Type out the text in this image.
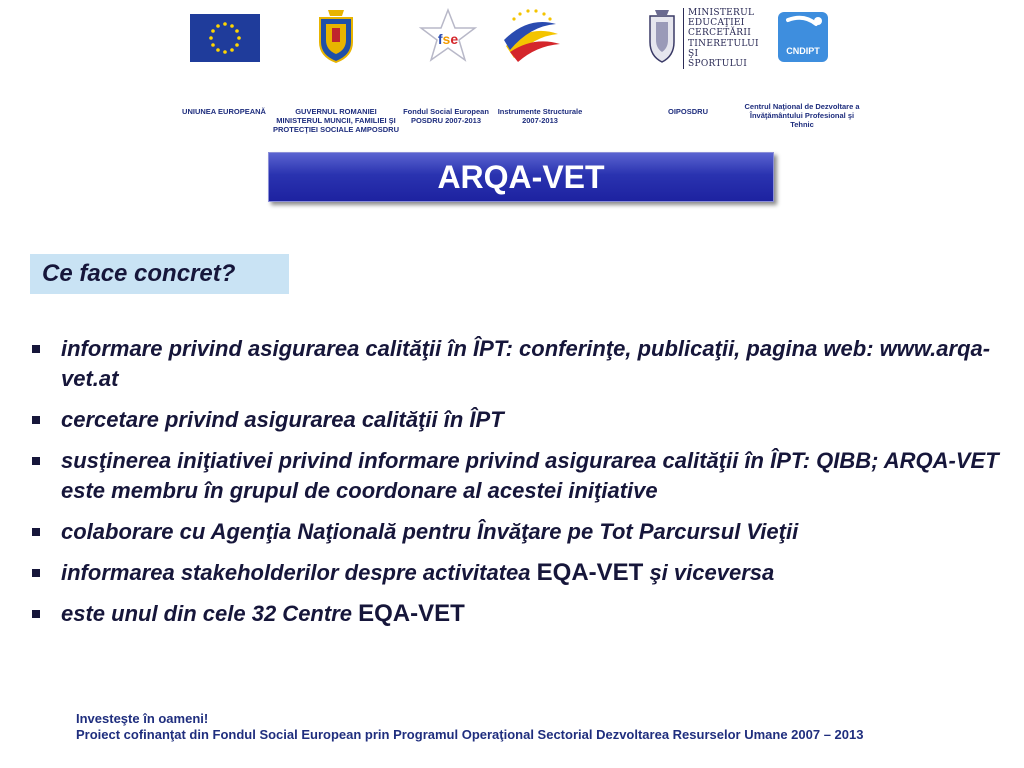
fse
MINISTERUL
EDUCAŢIEI
CERCETĂRII
TINERETULUI
ŞI SPORTULUI
CNDIPT
UNIUNEA EUROPEANĂ	GUVERNUL ROMANIEI MINISTERUL MUNCII, FAMILIEI ŞI PROTECŢIEI SOCIALE AMPOSDRU
Fondul Social European POSDRU 2007-2013
Instrumente Structurale 2007-2013
OIPOSDRU
Centrul Naţional de Dezvoltare a Învăţământului Profesional şi Tehnic
ARQA-VET
Ce face concret?
informare privind asigurarea calităţii în ÎPT: conferinţe, publicaţii, pagina web: www.arqa-vet.at
cercetare privind asigurarea calităţii în ÎPT
susţinerea iniţiativei privind informare privind asigurarea calităţii în ÎPT: QIBB; ARQA-VET este membru în grupul de coordonare al acestei iniţiative
colaborare cu Agenţia Naţională pentru Învăţare pe Tot Parcursul Vieţii
informarea stakeholderilor despre activitatea EQA-VET şi viceversa
este unul din cele 32 Centre EQA-VET
Investeşte în oameni!
Proiect cofinanţat din Fondul Social European prin Programul Operaţional Sectorial Dezvoltarea Resurselor Umane 2007 – 2013
